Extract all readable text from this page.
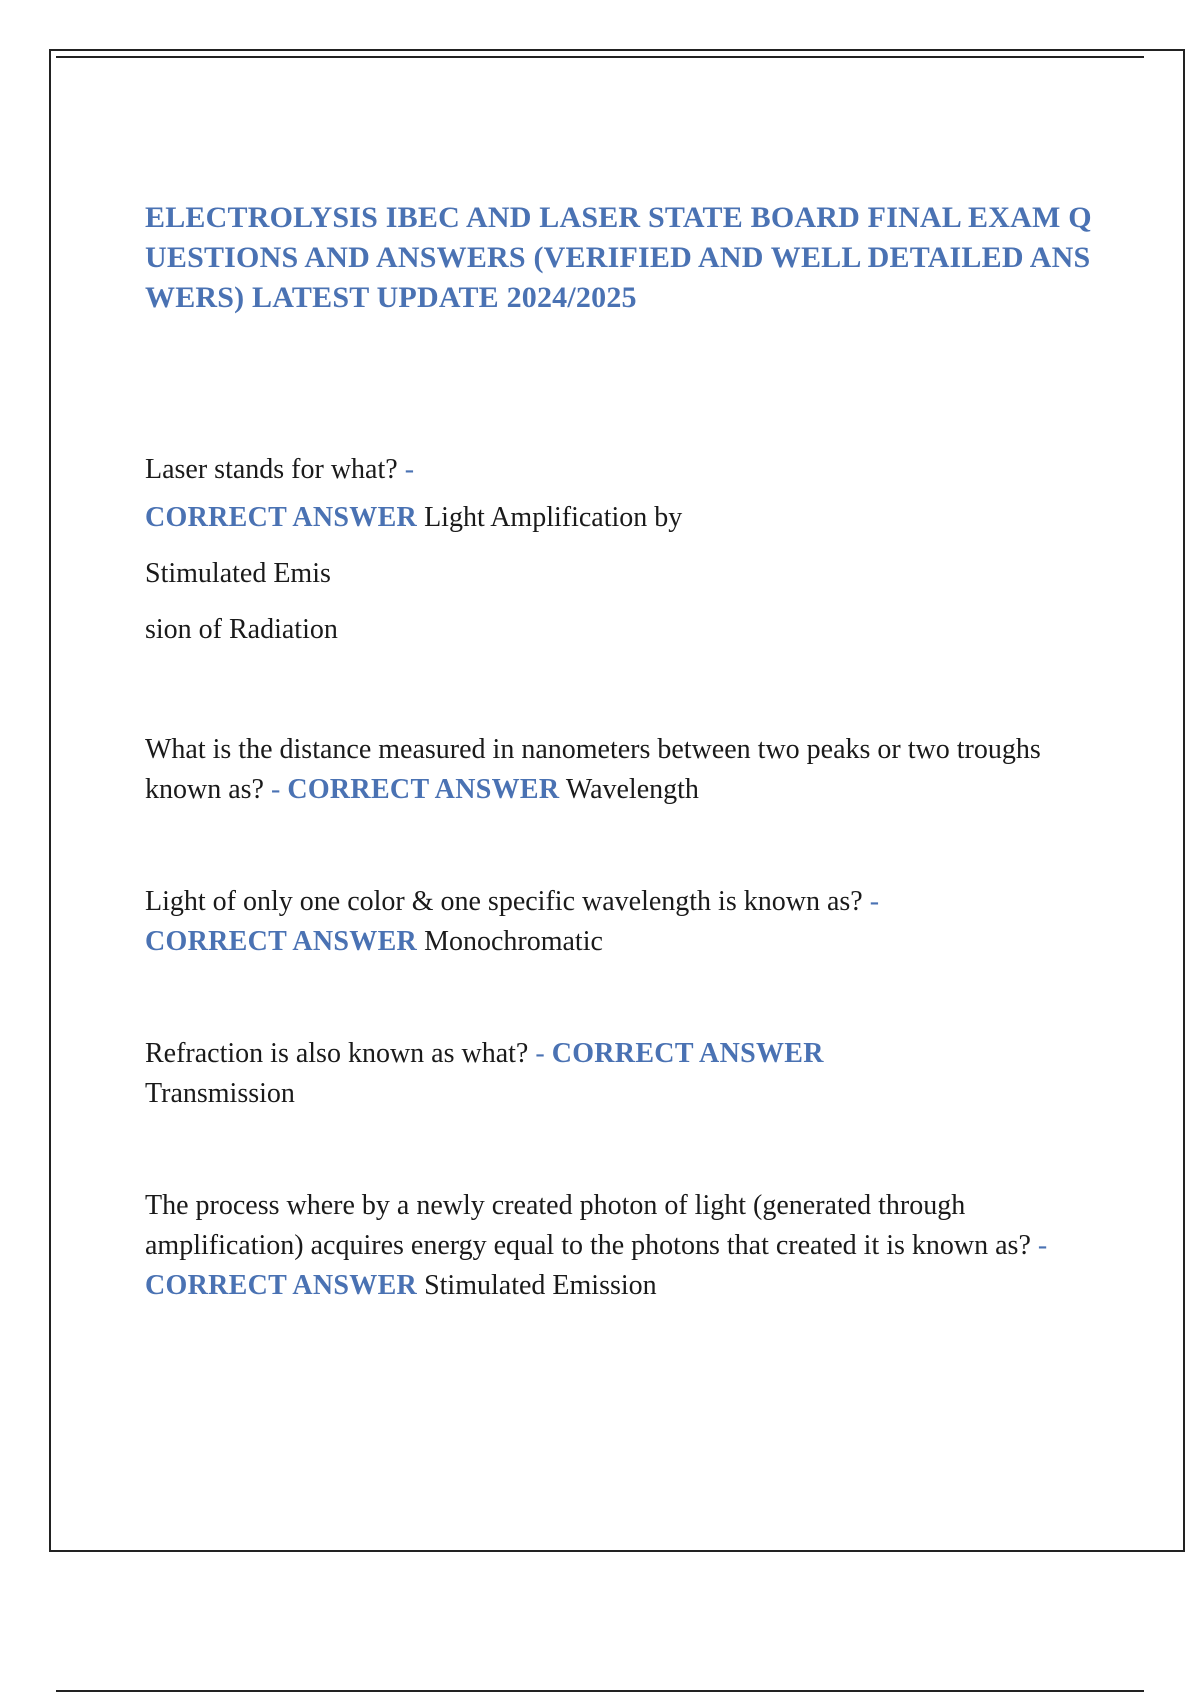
ELECTROLYSIS IBEC AND LASER STATE BOARD FINAL EXAM QUESTIONS AND ANSWERS (VERIFIED AND WELL DETAILED ANSWERS) LATEST UPDATE 2024/2025
Laser stands for what? -
CORRECT ANSWER Light Amplification by
Stimulated Emis
sion of Radiation
What is the distance measured in nanometers between two peaks or two troughs known as? - CORRECT ANSWER Wavelength
Light of only one color & one specific wavelength is known as? -
CORRECT ANSWER Monochromatic
Refraction is also known as what? - CORRECT ANSWER
Transmission
The process where by a newly created photon of light (generated through amplification) acquires energy equal to the photons that created it is known as? - CORRECT ANSWER Stimulated Emission
